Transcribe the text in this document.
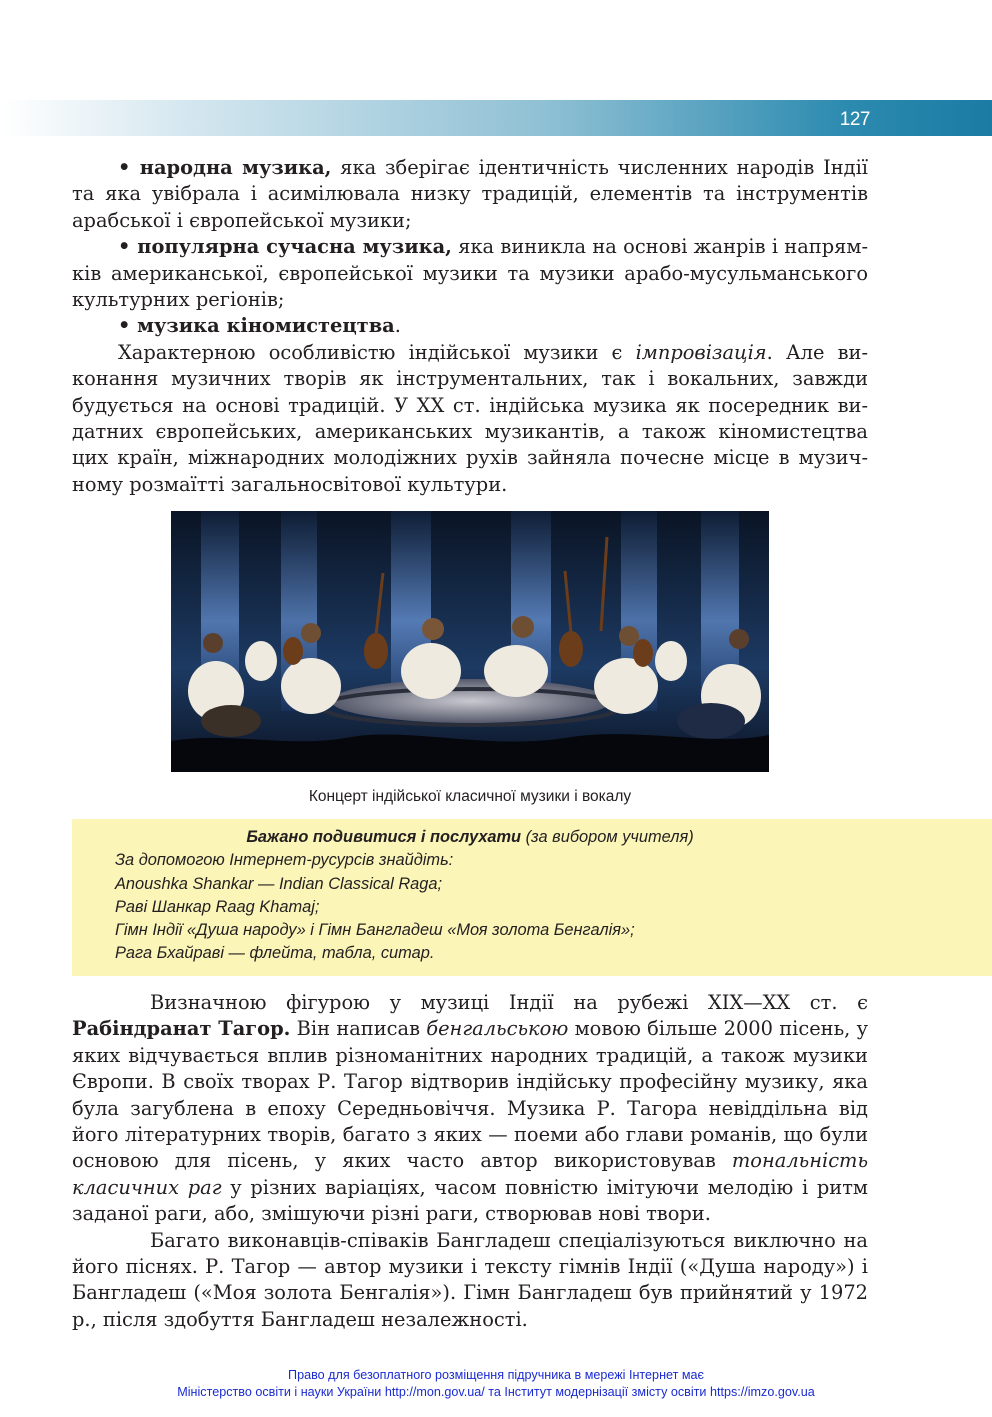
127

• народна музика, яка зберігає ідентичність численних народів Індії та яка увібрала і асимілювала низку традицій, елементів та інструментів арабської і європейської музики;

• популярна сучасна музика, яка виникла на основі жанрів і напрямків американської, європейської музики та музики арабо-мусульманського культурних регіонів;

• музика кіномистецтва.

Характерною особливістю індійської музики є імпровізація. Але виконання музичних творів як інструментальних, так і вокальних, завжди будується на основі традицій. У ХХ ст. індійська музика як посередник видатних європейських, американських музикантів, а також кіномистецтва цих країн, міжнародних молодіжних рухів зайняла почесне місце в музичному розмаїтті загальносвітової культури.

Концерт індійської класичної музики і вокалу
Бажано подивитися і послухати (за вибором учителя)
За допомогою Інтернет-русурсів знайдіть:
Anoushka Shankar — Indian Classical Raga;
Раві Шанкар Raag Khamaj;
Гімн Індії «Душа народу» і Гімн Бангладеш «Моя золота Бенгалія»;
Рага Бхайраві — флейта, табла, ситар.

Визначною фігурою у музиці Індії на рубежі ХІХ—ХХ ст. є Рабіндранат Тагор. Він написав бенгальською мовою більше 2000 пісень, у яких відчувається вплив різноманітних народних традицій, а також музики Європи. В своїх творах Р. Тагор відтворив індійську професійну музику, яка була загублена в епоху Середньовіччя. Музика Р. Тагора невіддільна від його літературних творів, багато з яких — поеми або глави романів, що були основою для пісень, у яких часто автор використовував тональність класичних раг у різних варіаціях, часом повністю імітуючи мелодію і ритм заданої раги, або, змішуючи різні раги, створював нові твори.

Багато виконавців-співаків Бангладеш спеціалізуються виключно на його піснях. Р. Тагор — автор музики і тексту гімнів Індії («Душа народу») і Бангладеш («Моя золота Бенгалія»). Гімн Бангладеш був прийнятий у 1972 р., після здобуття Бангладеш незалежності.

Право для безоплатного розміщення підручника в мережі Інтернет має
Міністерство освіти і науки України http://mon.gov.ua/ та Інститут модернізації змісту освіти https://imzo.gov.ua
